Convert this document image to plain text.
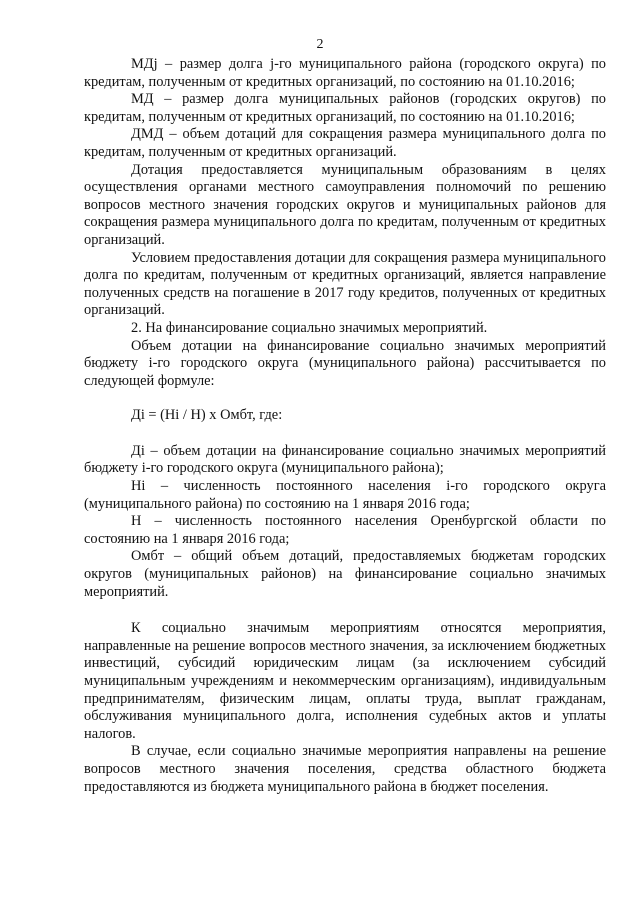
2

МДj – размер долга j-го муниципального района (городского округа) по кредитам, полученным от кредитных организаций, по состоянию на 01.10.2016;

МД – размер долга муниципальных районов (городских округов) по кредитам, полученным от кредитных организаций, по состоянию на 01.10.2016;

ДМД – объем дотаций для сокращения размера муниципального долга по кредитам, полученным от кредитных организаций.

Дотация предоставляется муниципальным образованиям в целях осуществления органами местного самоуправления полномочий по решению вопросов местного значения городских округов и муниципальных районов для сокращения размера муниципального долга по кредитам, полученным от кредитных организаций.

Условием предоставления дотации для сокращения размера муниципального долга по кредитам, полученным от кредитных организаций, является направление полученных средств на погашение в 2017 году кредитов, полученных от кредитных организаций.

2. На финансирование социально значимых мероприятий.

Объем дотации на финансирование социально значимых мероприятий бюджету i-го городского округа (муниципального района) рассчитывается по следующей формуле:

Дi = (Hi / H) х Омбт, где:

Дi – объем дотации на финансирование социально значимых мероприятий бюджету i-го городского округа (муниципального района);

Hi – численность постоянного населения i-го городского округа (муниципального района) по состоянию на 1 января 2016 года;

H – численность постоянного населения Оренбургской области по состоянию на 1 января 2016 года;

Омбт – общий объем дотаций, предоставляемых бюджетам городских округов (муниципальных районов) на финансирование социально значимых мероприятий.

К социально значимым мероприятиям относятся мероприятия, направленные на решение вопросов местного значения, за исключением бюджетных инвестиций, субсидий юридическим лицам (за исключением субсидий муниципальным учреждениям и некоммерческим организациям), индивидуальным предпринимателям, физическим лицам, оплаты труда, выплат гражданам, обслуживания муниципального долга, исполнения судебных актов и уплаты налогов.

В случае, если социально значимые мероприятия направлены на решение вопросов местного значения поселения, средства областного бюджета предоставляются из бюджета муниципального района в бюджет поселения.
